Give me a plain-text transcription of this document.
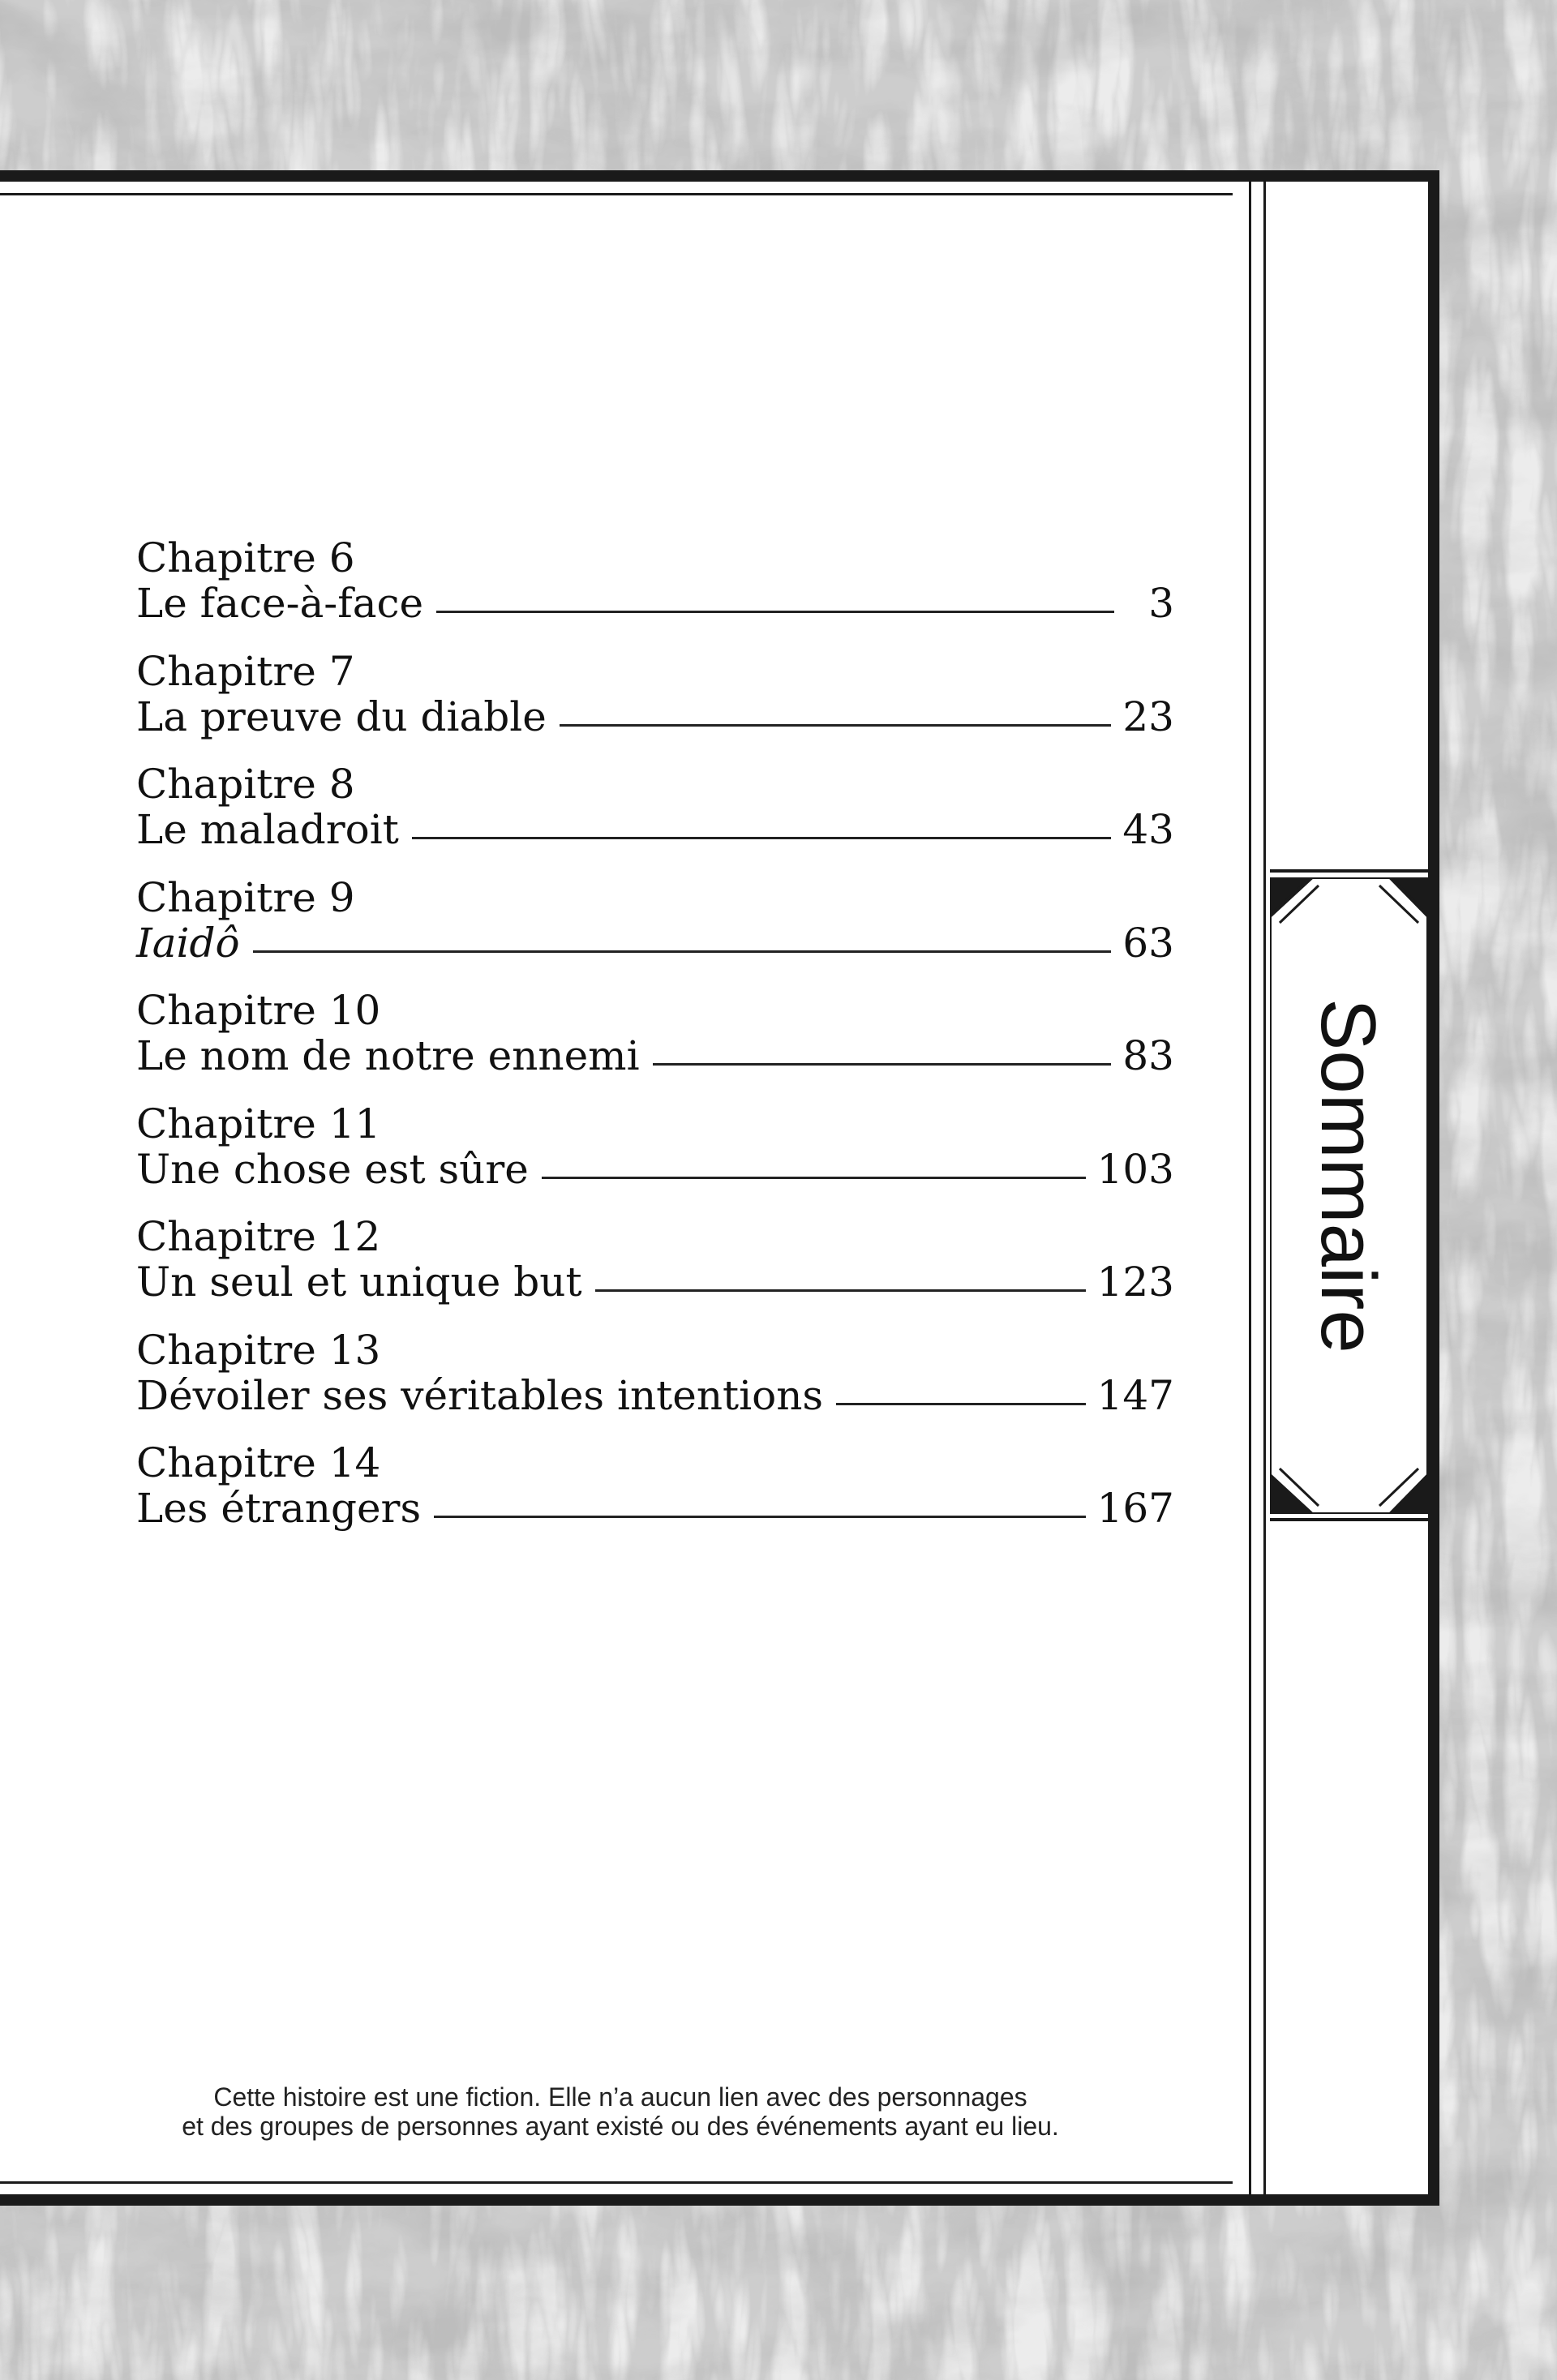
Sommaire
Chapitre 6
Le face-à-face	3
Chapitre 7
La preuve du diable	23
Chapitre 8
Le maladroit	43
Chapitre 9
Iaidô	63
Chapitre 10
Le nom de notre ennemi	83
Chapitre 11
Une chose est sûre	103
Chapitre 12
Un seul et unique but	123
Chapitre 13
Dévoiler ses véritables intentions	147
Chapitre 14
Les étrangers	167
Cette histoire est une fiction. Elle n’a aucun lien avec des personnages
et des groupes de personnes ayant existé ou des événements ayant eu lieu.
